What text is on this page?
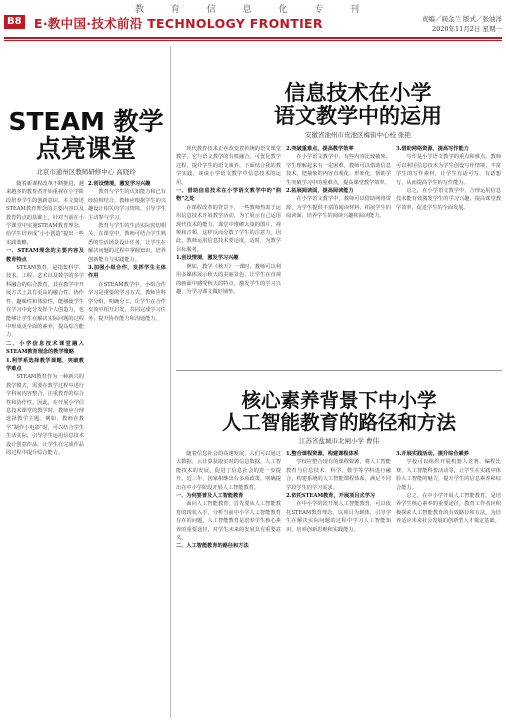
教 育 信 息 化 专 刊
B8 E·教中国·技术前沿 TECHNOLOGY FRONTIER	责编／阎金兰 版式／张油洋
2020年11月2日 星期一
STEAM 教学
点亮课堂
北京市通州区教师研修中心 高晓玲

随着新课程改革不断推进，越来越多的教育者开始重视在小学阶段培养学生的创新意识。本文简述STEAM教育理念的主要内容以及教育特点的基础上，针对当前在小学课堂中实施STEAM教育理念，给学生培养成“小小创造”提出一些实践策略。

一、STEAM理念的主要内容及教育特点

STEAM教育，是指集科学、技术、工程、艺术以及数学的多学科融合的综合教育，其在教学中开展方式上具有更高的融合性、协作性、趣味性和体验性，能够使学生在学习中充分发挥个人创造力，也能够让学生在解决实际问题的过程中形成更全面的素养，提高综合能力。

二、小学信息技术课堂融入STEAM教育理念的教学策略

1.利学系选择教学课题，突破教学难点

STEAM教育作为一种新兴的教学模式，需要在教学过程中进行学科间内容整合，注重教育的综合性和协作性。因此，在开展小学信息技术课堂的教学时，教师应合理选择教学主题。例如，教师在教学“制作小电影”时，可以结合学生生活实际，引导学生运用信息技术设计创意作品，让学生在完成作品的过程中提升综合能力。

2.创设情境，激发学习兴趣

教育与学生的认知能力和已有经验相结合，教师应根据学生的兴趣设计相关的学习情境，引导学生主动参与学习。

教育与学生的生活实际密切相关，在课堂中，教师可结合学生熟悉的生活场景设计任务，让学生在解决问题的过程中掌握知识，培养创新能力与实践能力。

3.加强小组合作，发挥学生主体作用

在STEAM教学中，小组合作学习是重要的学习方式。教师应科学分组，明确分工，让学生在合作交流中相互启发，共同完成学习任务，提升协作能力和沟通能力。

信息技术在小学
语文教学中的运用
安徽省池州市贵池区梅街中心校 张艳

现代教育技术正在改变着传统的语文课堂教学，它与语文教学的有机融合，可优化教学过程，提升学生的语文素养。下面结合我的教学实践，谈谈小学语文教学中信息技术的运用。

一、借助信息技术在小学语文教学中的“润物”之处

在课程改革的背景下，一些教师热衷于运用信息技术开展教学活动，为了展示自己运用现代技术的能力，课堂中堆砌大量的图片、视频和音频，这样反而分散了学生的注意力。因此，教师运用信息技术要适度、适时，为教学目标服务。

1.创设情境，激发学习兴趣

例如，教学《秋天》一课时，教师可以利用多媒体展示秋天的美丽景色，让学生在直观的画面中感受秋天的特点，激发学生的学习兴趣，为学习课文做好铺垫。

2.突破重难点，提高教学效率

在小学语文教学中，有些内容比较抽象，学生理解起来有一定困难。教师可以借助信息技术，把抽象的内容直观化、形象化，帮助学生突破学习中的重难点，提高课堂教学效率。

2.拓展阅读面，提高阅读能力

在小学语文教学中，教师可以借助网络资源，为学生提供丰富的阅读材料，拓展学生的阅读面，培养学生的阅读兴趣和阅读能力。

3.借助网络资源，提高写作能力

写作是小学语文教学的重点和难点。教师可以利用信息技术为学生创设写作情境，丰富学生的写作素材，让学生有话可写、有话想写，从而提高学生的写作能力。

总之，在小学语文教学中，合理运用信息技术能有效激发学生的学习兴趣，提高课堂教学效率，促进学生的全面发展。

核心素养背景下中小学
人工智能教育的路径和方法
江苏省盐城市北闸小学 曹伟

随着信息社会的高速发展，人们可以通过大数据、云计算获取实时的信息数据，人工智能技术的发展，促进了信息社会的进一步提升。近三年，国家相继出台多项政策，明确提出在中小学阶段开展人工智能教育。

一、为何要普及人工智能教育

面向人工智能教育，首先要从人工智能教育的现状入手，分析当前中小学人工智能教育存在的问题。人工智能教育是培养学生核心素养的重要途径，对学生未来的发展具有重要意义。

二、人工智能教育的路径和方法

1.整合课程资源，构建课程体系

学校应整合现有的课程资源，将人工智能教育与信息技术、科学、数学等学科进行融合，构建系统的人工智能课程体系，满足不同学段学生的学习需求。

2.依托STEAM教育，开展项目式学习

在中小学阶段开展人工智能教育，可以依托STEAM教育理念，以项目为载体，引导学生在解决实际问题的过程中学习人工智能知识，培养创新思维和实践能力。

3.开展实践活动，提升综合素养

学校可以组织开展机器人竞赛、编程比赛、人工智能科普活动等，让学生在实践中体验人工智能的魅力，提升学生的信息素养和综合能力。

总之，在中小学开展人工智能教育，是培养学生核心素养的重要途径，教育工作者应积极探索人工智能教育的有效路径和方法，为培养适应未来社会发展的创新型人才奠定基础。
